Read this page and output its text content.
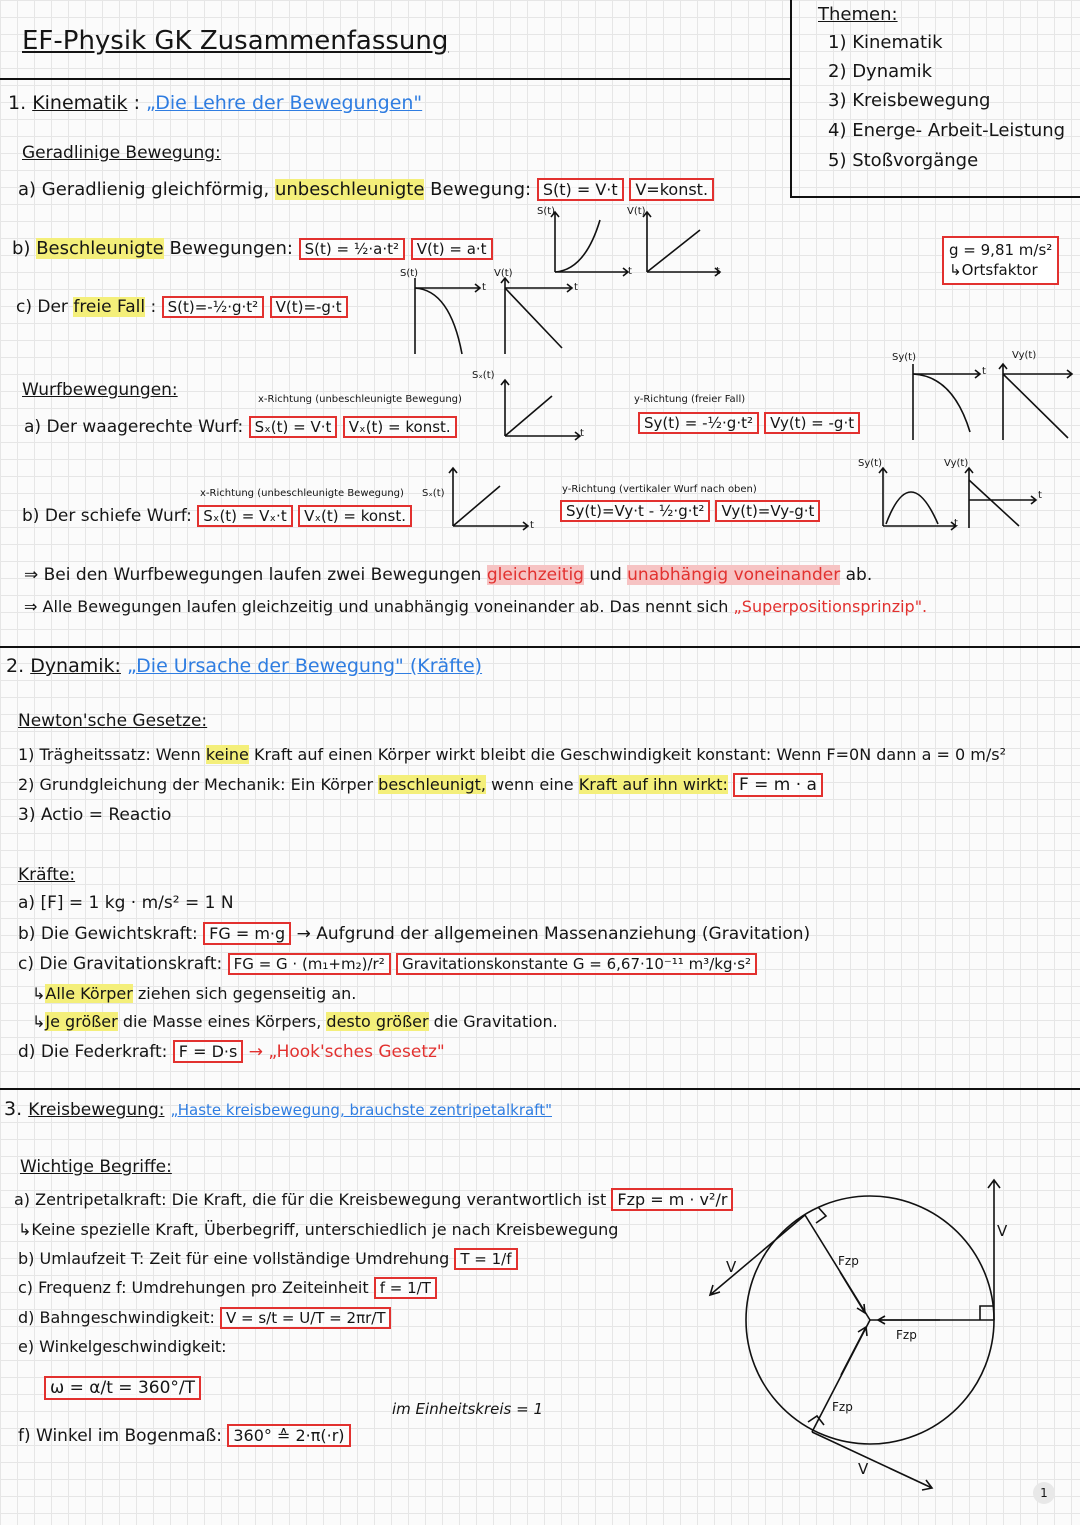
EF-Physik GK Zusammenfassung
Themen:
1) Kinematik
2) Dynamik
3) Kreisbewegung
4) Energe- Arbeit-Leistung
5) Stoßvorgänge
1. Kinematik : „Die Lehre der Bewegungen"
Geradlinige Bewegung:
a) Geradlienig gleichförmig, unbeschleunigte Bewegung: S(t) = V·t V=konst.
b) Beschleunigte Bewegungen: S(t) = ½·a·t² V(t) = a·t
c) Der freie Fall : S(t)=-½·g·t² V(t)=-g·t
g = 9,81 m/s²
↳Ortsfaktor
S(t)
t
V(t)
t
S(t)
t
V(t)
t
Wurfbewegungen:	x-Richtung (unbeschleunigte Bewegung)
a) Der waagerechte Wurf: Sₓ(t) = V·t Vₓ(t) = konst.
Sₓ(t)
t
y-Richtung (freier Fall)
Sy(t) = -½·g·t² Vy(t) = -g·t
Sy(t)
t
Vy(t)
x-Richtung (unbeschleunigte Bewegung)
b) Der schiefe Wurf: Sₓ(t) = Vₓ·t Vₓ(t) = konst.
Sₓ(t)
t
y-Richtung (vertikaler Wurf nach oben)
Sy(t)=Vy·t - ½·g·t² Vy(t)=Vy-g·t
Sy(t)
t
Vy(t)
t
⇒ Bei den Wurfbewegungen laufen zwei Bewegungen gleichzeitig und unabhängig voneinander ab.
⇒ Alle Bewegungen laufen gleichzeitig und unabhängig voneinander ab. Das nennt sich „Superpositionsprinzip".
2. Dynamik: „Die Ursache der Bewegung" (Kräfte)
Newton'sche Gesetze:
1) Trägheitssatz: Wenn keine Kraft auf einen Körper wirkt bleibt die Geschwindigkeit konstant: Wenn F=0N dann a = 0 m/s²
2) Grundgleichung der Mechanik: Ein Körper beschleunigt, wenn eine Kraft auf ihn wirkt: F = m · a
3) Actio = Reactio
Kräfte:
a) [F] = 1 kg · m/s² = 1 N
b) Die Gewichtskraft: FG = m·g → Aufgrund der allgemeinen Massenanziehung (Gravitation)
c) Die Gravitationskraft: FG = G · (m₁+m₂)/r² Gravitationskonstante G = 6,67·10⁻¹¹ m³/kg·s²
↳Alle Körper ziehen sich gegenseitig an.
↳Je größer die Masse eines Körpers, desto größer die Gravitation.
d) Die Federkraft: F = D·s → „Hook'sches Gesetz"
3. Kreisbewegung: „Haste kreisbewegung, brauchste zentripetalkraft"
Wichtige Begriffe:
a) Zentripetalkraft: Die Kraft, die für die Kreisbewegung verantwortlich ist Fzp = m · v²/r
↳Keine spezielle Kraft, Überbegriff, unterschiedlich je nach Kreisbewegung
b) Umlaufzeit T: Zeit für eine vollständige Umdrehung T = 1/f
c) Frequenz f: Umdrehungen pro Zeiteinheit f = 1/T
d) Bahngeschwindigkeit: V = s/t = U/T = 2πr/T
e) Winkelgeschwindigkeit:
ω = α/t = 360°/T
im Einheitskreis = 1
f) Winkel im Bogenmaß: 360° ≙ 2·π(·r)
V
V
V
Fzp
Fzp
Fzp
1
